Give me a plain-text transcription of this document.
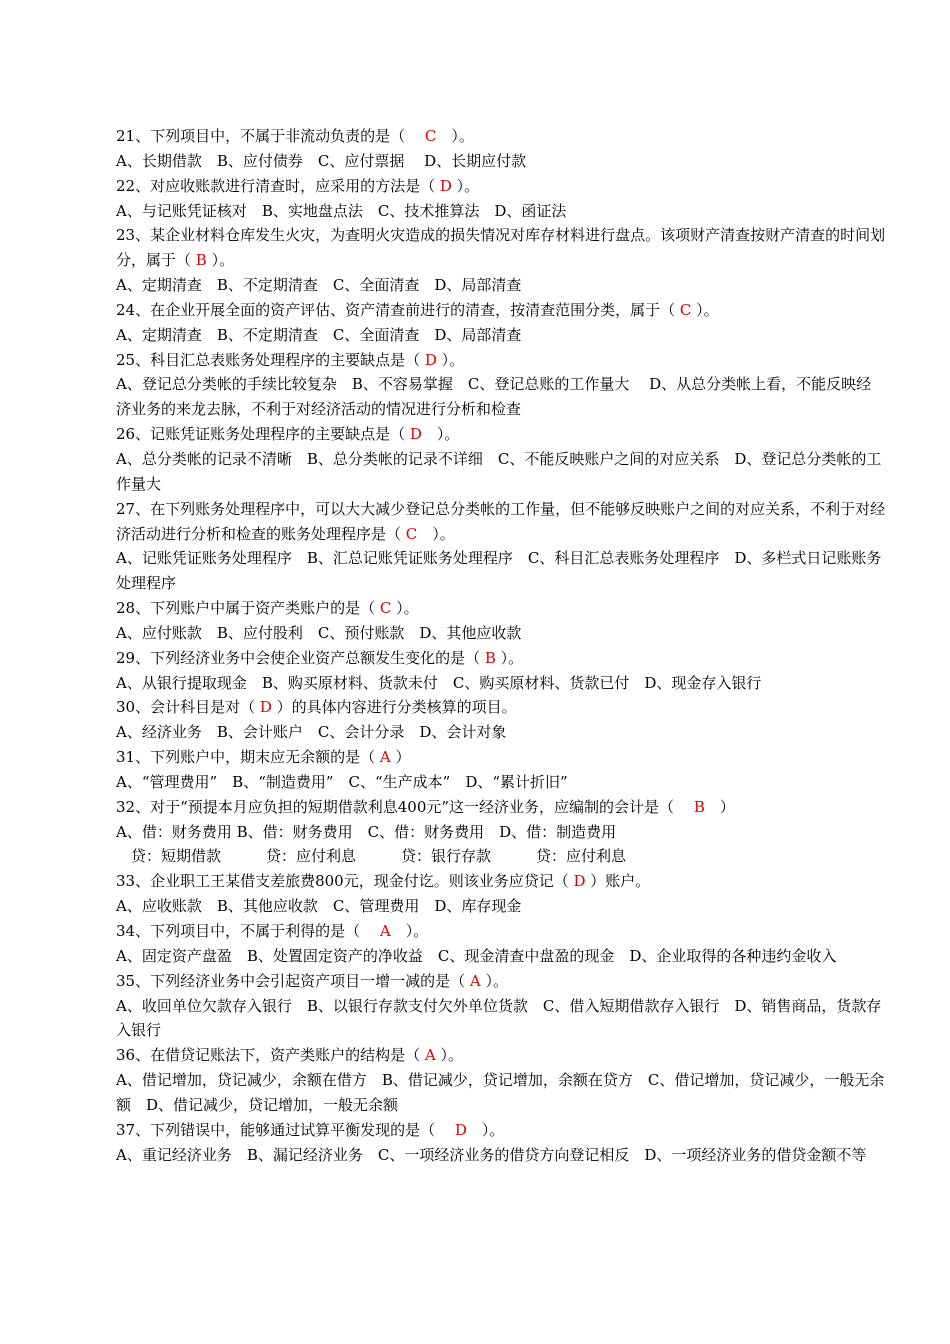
21、下列项目中，不属于非流动负责的是（　 C　）。
A、长期借款　B、应付债券　C、应付票据　 D、长期应付款
22、对应收账款进行清查时，应采用的方法是（ D ）。
A、与记账凭证核对　B、实地盘点法　C、技术推算法　D、函证法
23、某企业材料仓库发生火灾，为查明火灾造成的损失情况对库存材料进行盘点。该项财产清查按财产清查的时间划分，属于（ B ）。
A、定期清查　B、不定期清查　C、全面清查　D、局部清查
24、在企业开展全面的资产评估、资产清查前进行的清查，按清查范围分类，属于（ C ）。
A、定期清查　B、不定期清查　C、全面清查　D、局部清查
25、科目汇总表账务处理程序的主要缺点是（ D ）。
A、登记总分类帐的手续比较复杂　B、不容易掌握　C、登记总账的工作量大　 D、从总分类帐上看，不能反映经济业务的来龙去脉，不利于对经济活动的情况进行分析和检查
26、记账凭证账务处理程序的主要缺点是（ D　）。
A、总分类帐的记录不清晰　B、总分类帐的记录不详细　C、不能反映账户之间的对应关系　D、登记总分类帐的工作量大
27、在下列账务处理程序中，可以大大减少登记总分类帐的工作量，但不能够反映账户之间的对应关系，不利于对经济活动进行分析和检查的账务处理程序是（ C　）。
A、记账凭证账务处理程序　B、汇总记账凭证账务处理程序　C、科目汇总表账务处理程序　D、多栏式日记账账务处理程序
28、下列账户中属于资产类账户的是（ C ）。
A、应付账款　B、应付股利　C、预付账款　D、其他应收款
29、下列经济业务中会使企业资产总额发生变化的是（ B ）。
A、从银行提取现金　B、购买原材料、货款未付　C、购买原材料、货款已付　D、现金存入银行
30、会计科目是对（ D ）的具体内容进行分类核算的项目。
A、经济业务　B、会计账户　C、会计分录　D、会计对象
31、下列账户中，期末应无余额的是（ A ）
A、“管理费用”　B、“制造费用”　C、“生产成本”　D、“累计折旧”
32、对于“预提本月应负担的短期借款利息400元”这一经济业务，应编制的会计是（ 　B　）
A、借：财务费用 B、借：财务费用　C、借：财务费用　D、借：制造费用
　贷：短期借款　　　贷：应付利息　　　贷：银行存款　　　贷：应付利息
33、企业职工王某借支差旅费800元，现金付讫。则该业务应贷记（ D ）账户。
A、应收账款　B、其他应收款　C、管理费用　D、库存现金
34、下列项目中，不属于利得的是（ 　A　）。
A、固定资产盘盈　B、处置固定资产的净收益　C、现金清查中盘盈的现金　D、企业取得的各种违约金收入
35、下列经济业务中会引起资产项目一增一减的是（ A ）。
A、收回单位欠款存入银行　B、以银行存款支付欠外单位货款　C、借入短期借款存入银行　D、销售商品，货款存入银行
36、在借贷记账法下，资产类账户的结构是（ A ）。
A、借记增加，贷记减少，余额在借方　B、借记减少，贷记增加，余额在贷方　C、借记增加，贷记减少，一般无余额　D、借记减少，贷记增加，一般无余额
37、下列错误中，能够通过试算平衡发现的是（ 　D　）。
A、重记经济业务　B、漏记经济业务　C、一项经济业务的借贷方向登记相反　D、一项经济业务的借贷金额不等
